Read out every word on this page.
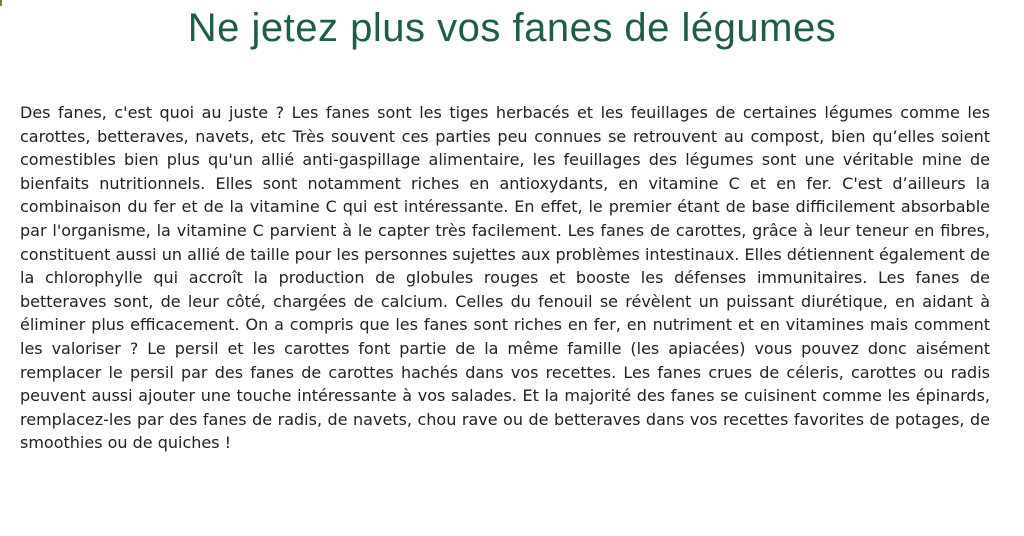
Ne jetez plus vos fanes de légumes

Des fanes, c'est quoi au juste ? Les fanes sont les tiges herbacés et les feuillages de certaines légumes comme les carottes, betteraves, navets, etc Très souvent ces parties peu connues se retrouvent au compost, bien qu’elles soient comestibles bien plus qu'un allié anti-gaspillage alimentaire, les feuillages des légumes sont une véritable mine de bienfaits nutritionnels. Elles sont notamment riches en antioxydants, en vitamine C et en fer. C'est d’ailleurs la combinaison du fer et de la vitamine C qui est intéressante. En effet, le premier étant de base difficilement absorbable par l'organisme, la vitamine C parvient à le capter très facilement. Les fanes de carottes, grâce à leur teneur en fibres, constituent aussi un allié de taille pour les personnes sujettes aux problèmes intestinaux. Elles détiennent également de la chlorophylle qui accroît la production de globules rouges et booste les défenses immunitaires. Les fanes de betteraves sont, de leur côté, chargées de calcium. Celles du fenouil se révèlent un puissant diurétique, en aidant à éliminer plus efficacement. On a compris que les fanes sont riches en fer, en nutriment et en vitamines mais comment les valoriser ? Le persil et les carottes font partie de la même famille (les apiacées) vous pouvez donc aisément remplacer le persil par des fanes de carottes hachés dans vos recettes. Les fanes crues de céleris, carottes ou radis peuvent aussi ajouter une touche intéressante à vos salades. Et la majorité des fanes se cuisinent comme les épinards, remplacez-les par des fanes de radis, de navets, chou rave ou de betteraves dans vos recettes favorites de potages, de smoothies ou de quiches !
